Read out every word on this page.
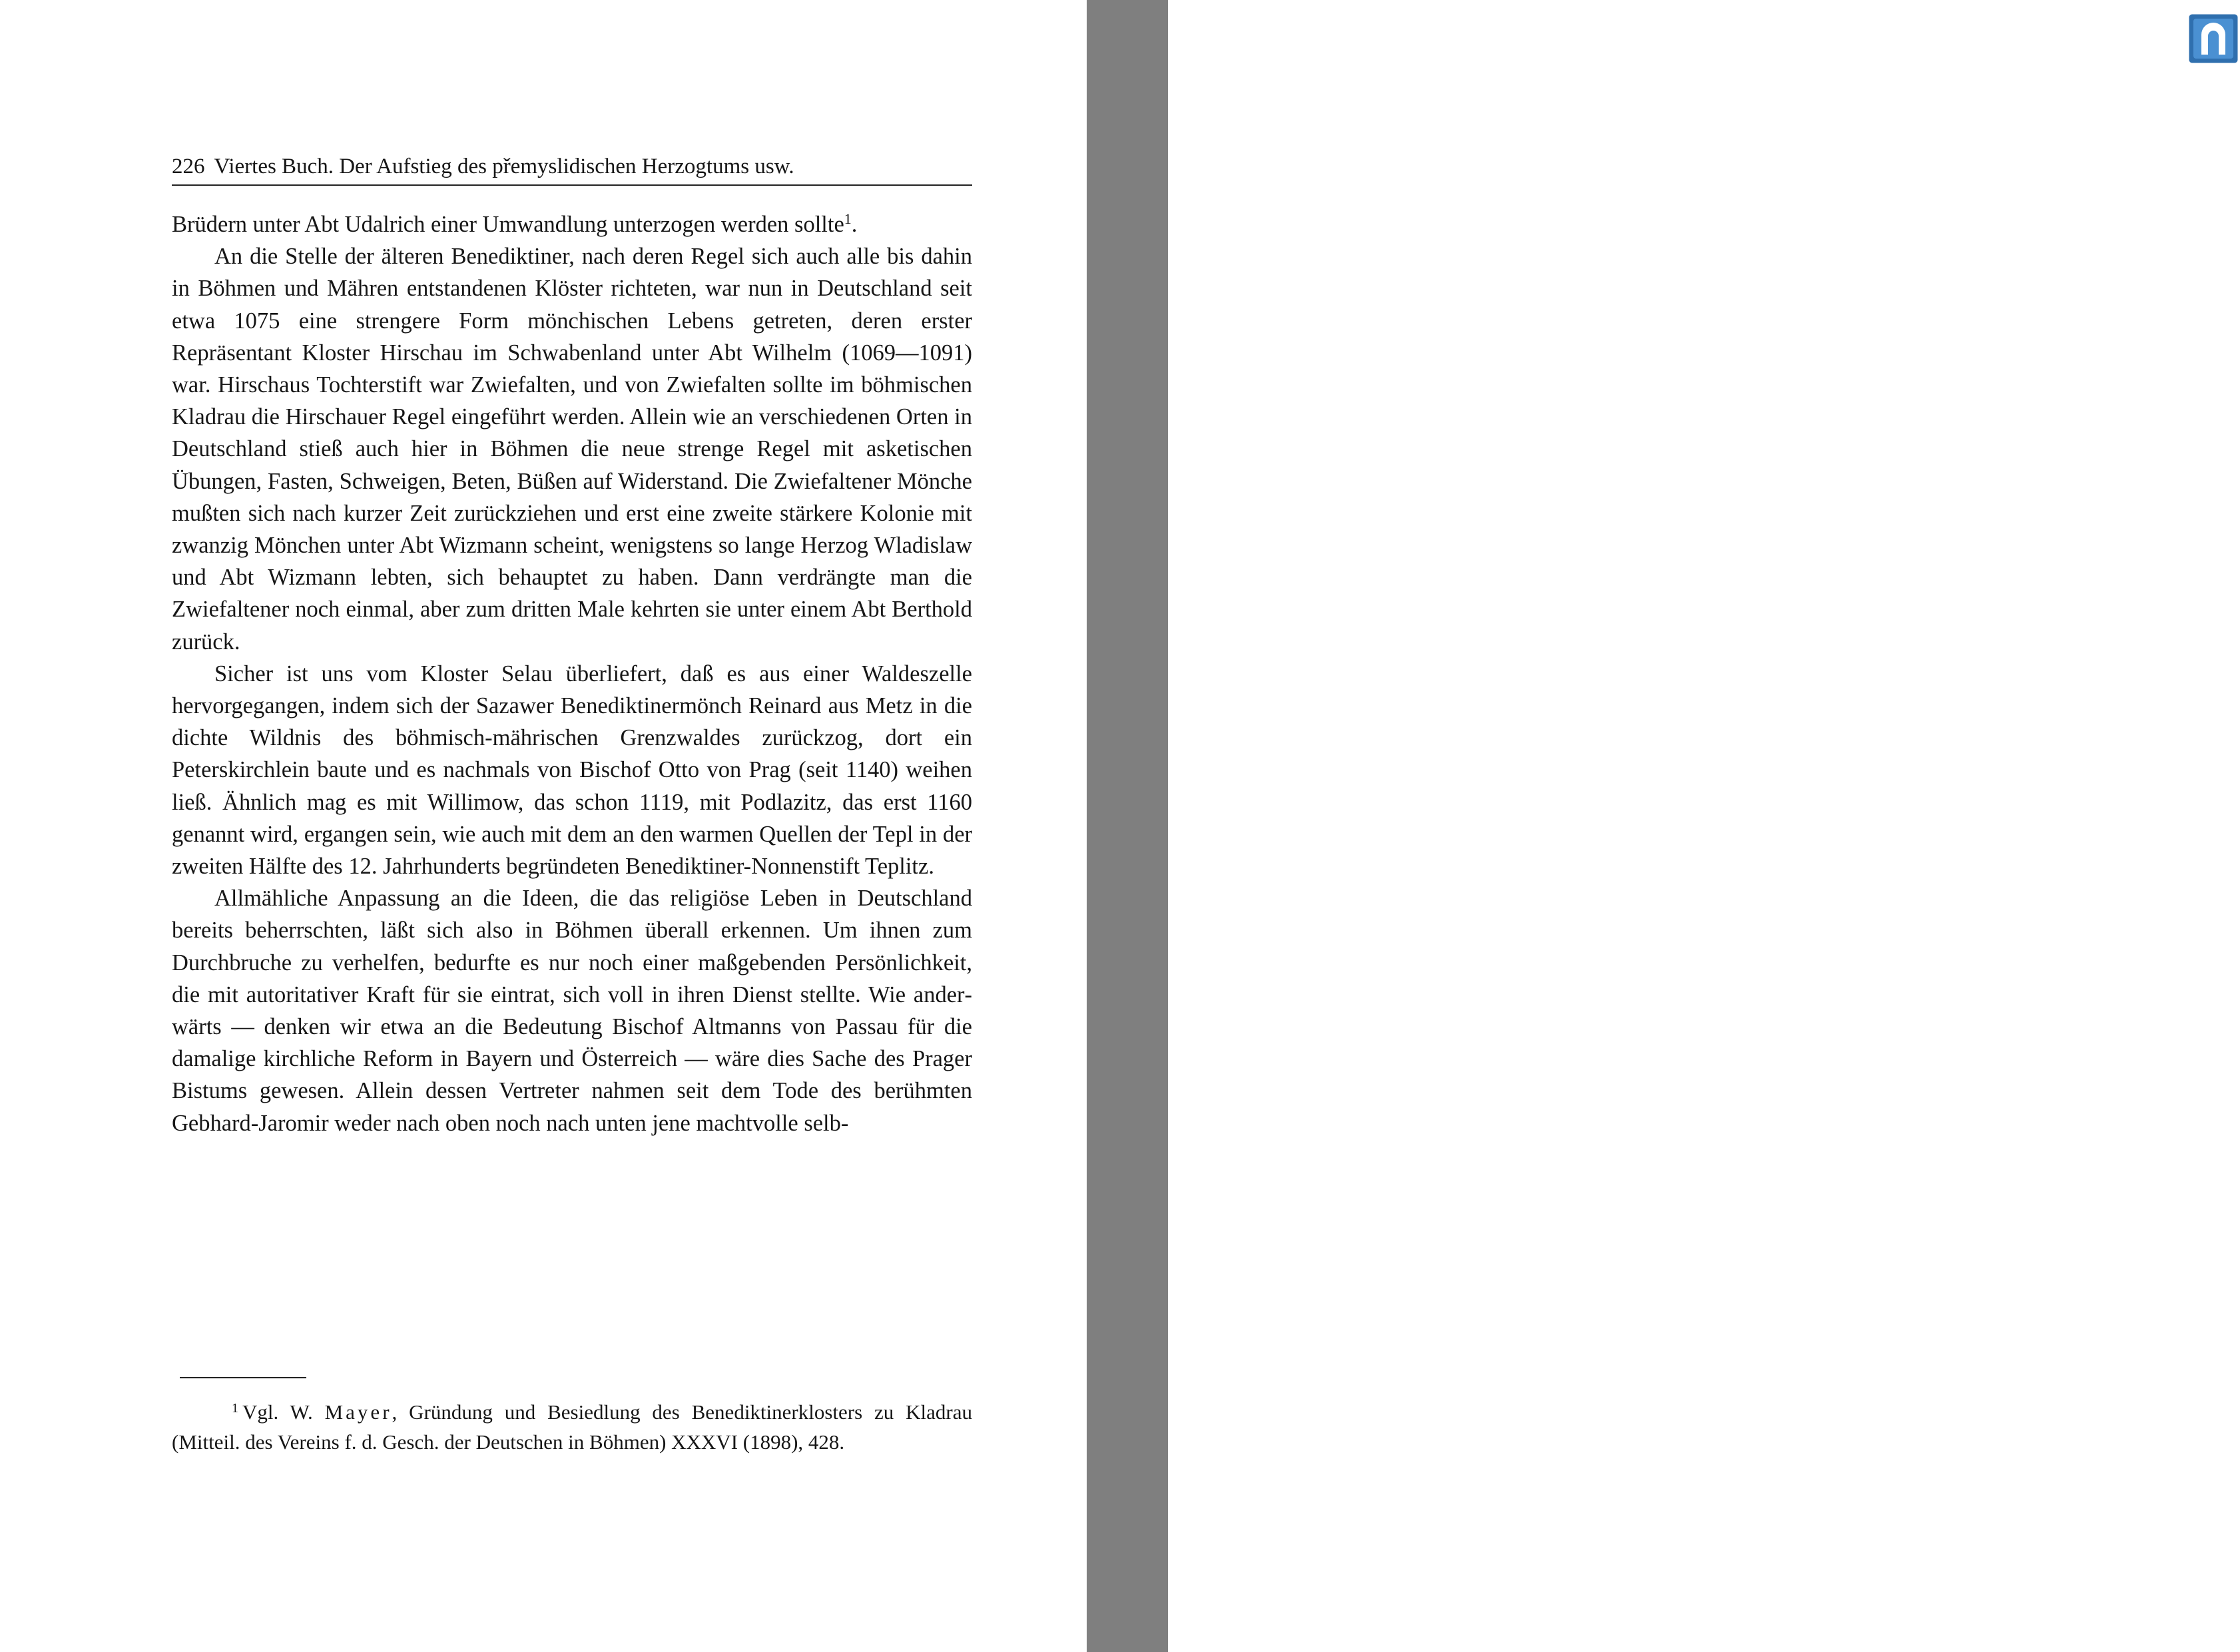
226 Viertes Buch. Der Aufstieg des přemyslidischen Herzogtums usw.

Brüdern unter Abt Udalrich einer Umwandlung unterzogen werden sollte$^1$.

An die Stelle der älteren Benediktiner, nach deren Regel sich auch alle bis dahin in Böhmen und Mähren entstandenen Klöster richteten, war nun in Deutschland seit etwa 1075 eine strengere Form mönchischen Lebens getreten, deren erster Repräsentant Kloster Hirschau im Schwabenland unter Abt Wilhelm (1069—1091) war. Hirschaus Tochterstift war Zwiefalten, und von Zwiefalten sollte im böhmischen Kladrau die Hirschauer Regel eingeführt werden. Allein wie an verschiedenen Orten in Deutschland stieß auch hier in Böhmen die neue strenge Regel mit asketischen Übungen, Fasten, Schweigen, Beten, Büßen auf Widerstand. Die Zwiefaltener Mönche mußten sich nach kurzer Zeit zurückziehen und erst eine zweite stärkere Kolonie mit zwanzig Mönchen unter Abt Wizmann scheint, wenigstens so lange Herzog Wladislaw und Abt Wizmann lebten, sich behauptet zu haben. Dann verdrängte man die Zwiefaltener noch einmal, aber zum dritten Male kehrten sie unter einem Abt Berthold zurück.

Sicher ist uns vom Kloster Selau überliefert, daß es aus einer Waldeszelle hervorgegangen, indem sich der Sazawer Benediktinermönch Reinard aus Metz in die dichte Wildnis des böhmisch-mährischen Grenzwaldes zurückzog, dort ein Peterskirchlein baute und es nachmals von Bischof Otto von Prag (seit 1140) weihen ließ. Ähnlich mag es mit Willimow, das schon 1119, mit Podlazitz, das erst 1160 genannt wird, ergangen sein, wie auch mit dem an den warmen Quellen der Tepl in der zweiten Hälfte des 12. Jahrhunderts begründeten Benediktiner-Nonnenstift Teplitz.

Allmähliche Anpassung an die Ideen, die das religiöse Leben in Deutschland bereits beherrschten, läßt sich also in Böhmen überall erkennen. Um ihnen zum Durchbruche zu verhelfen, bedurfte es nur noch einer maßgebenden Persönlichkeit, die mit autoritativer Kraft für sie eintrat, sich voll in ihren Dienst stellte. Wie anderwärts — denken wir etwa an die Bedeutung Bischof Altmanns von Passau für die damalige kirchliche Reform in Bayern und Österreich — wäre dies Sache des Prager Bistums gewesen. Allein dessen Vertreter nahmen seit dem Tode des berühmten Gebhard-Jaromir weder nach oben noch nach unten jene machtvolle selb-

$^1$ Vgl. W. Mayer, Gründung und Besiedlung des Benediktinerklosters zu Kladrau (Mitteil. des Vereins f. d. Gesch. der Deutschen in Böhmen) XXXVI (1898), 428.

Créé par la version démo de Universal Document Converter. La version complète n'ajoute pas ce texte.
FR.PRINT-DRIVER.COM
